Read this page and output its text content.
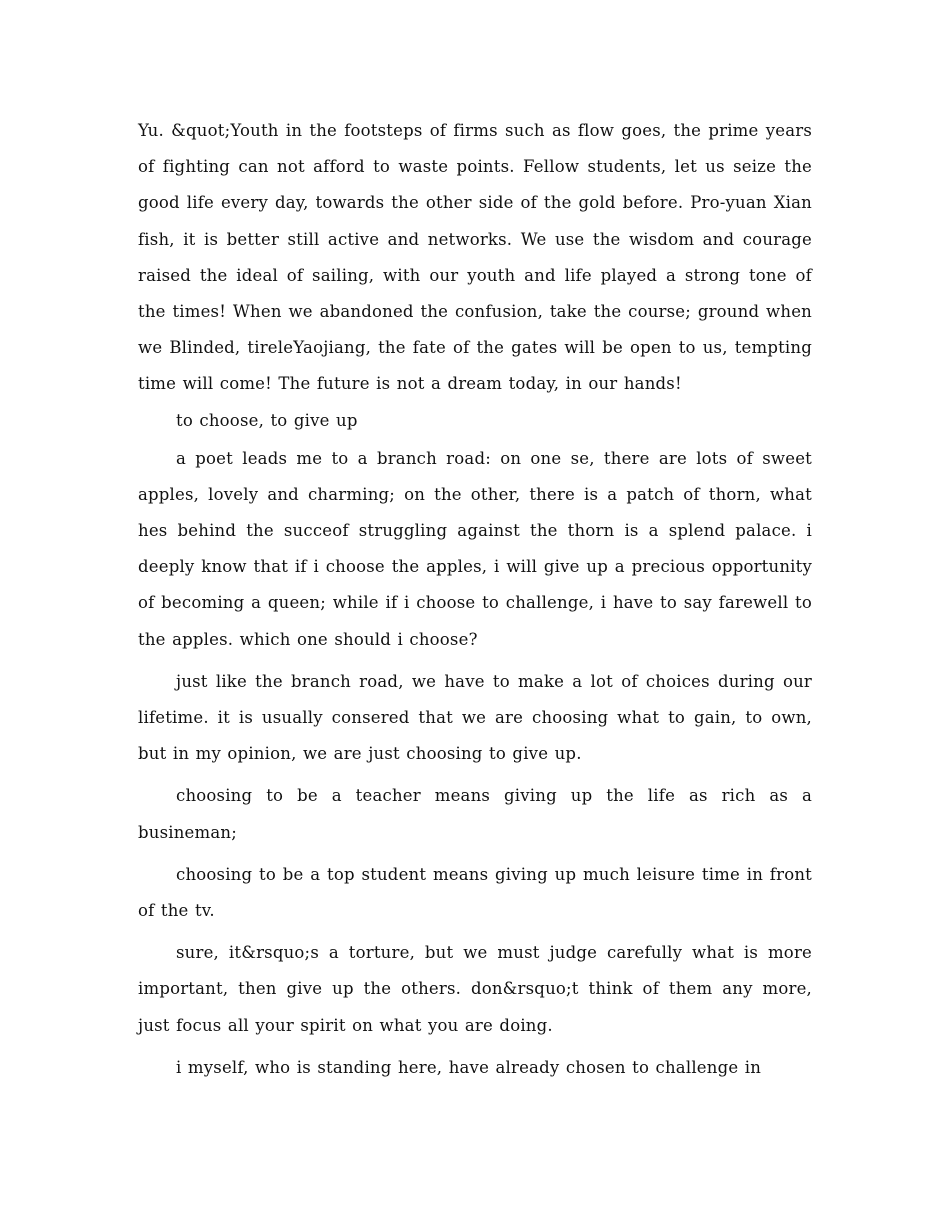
Yu. &quot;Youth in the footsteps of firms such as flow goes, the prime years of fighting can not afford to waste points. Fellow students, let us seize the good life every day, towards the other side of the gold before. Pro-yuan Xian fish, it is better still active and networks. We use the wisdom and courage raised the ideal of sailing, with our youth and life played a strong tone of the times! When we abandoned the confusion, take the course; ground when we Blinded, tireleYaojiang, the fate of the gates will be open to us, tempting time will come! The future is not a dream today, in our hands!

to choose, to give up

a poet leads me to a branch road: on one se, there are lots of sweet apples, lovely and charming; on the other, there is a patch of thorn, what hes behind the succeof struggling against the thorn is a splend palace. i deeply know that if i choose the apples, i will give up a precious opportunity of becoming a queen; while if i choose to challenge, i have to say farewell to the apples. which one should i choose?

just like the branch road, we have to make a lot of choices during our lifetime. it is usually consered that we are choosing what to gain, to own, but in my opinion, we are just choosing to give up.

choosing to be a teacher means giving up the life as rich as a busineman;

choosing to be a top student means giving up much leisure time in front of the tv.

sure, it&rsquo;s a torture, but we must judge carefully what is more important, then give up the others. don&rsquo;t think of them any more, just focus all your spirit on what you are doing.

i myself, who is standing here, have already chosen to challenge in
